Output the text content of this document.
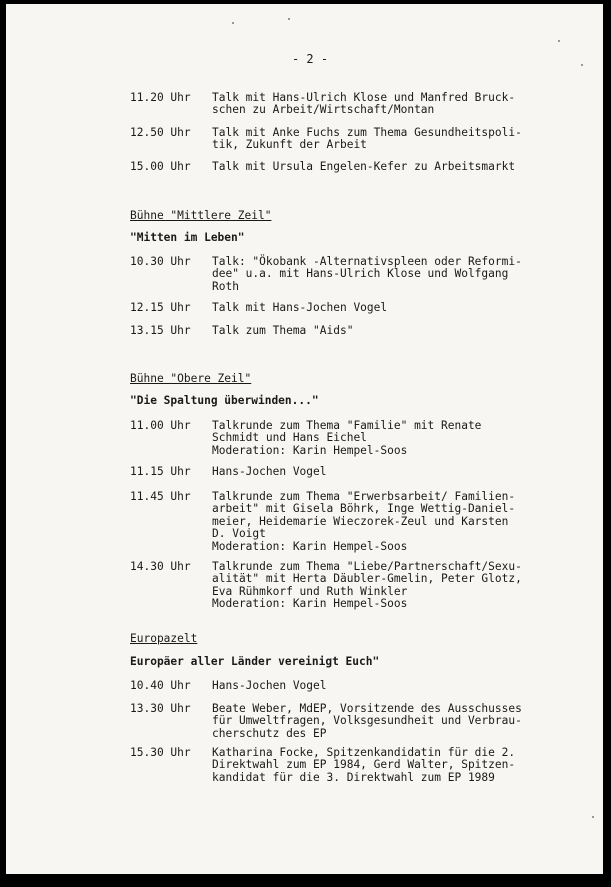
- 2 -
11.20 Uhr	Talk mit Hans-Ulrich Klose und Manfred Bruck-
schen zu Arbeit/Wirtschaft/Montan
12.50 Uhr	Talk mit Anke Fuchs zum Thema Gesundheitspoli-
tik, Zukunft der Arbeit
15.00 Uhr	Talk mit Ursula Engelen-Kefer zu Arbeitsmarkt
Bühne "Mittlere Zeil"
"Mitten im Leben"
10.30 Uhr	Talk: "Ökobank -Alternativspleen oder Reformi-
dee" u.a. mit Hans-Ulrich Klose und Wolfgang
Roth
12.15 Uhr	Talk mit Hans-Jochen Vogel
13.15 Uhr	Talk zum Thema "Aids"
Bühne "Obere Zeil"
"Die Spaltung überwinden..."
11.00 Uhr	Talkrunde zum Thema "Familie" mit Renate
Schmidt und Hans Eichel
Moderation: Karin Hempel-Soos
11.15 Uhr	Hans-Jochen Vogel
11.45 Uhr	Talkrunde zum Thema "Erwerbsarbeit/ Familien-
arbeit" mit Gisela Böhrk, Inge Wettig-Daniel-
meier, Heidemarie Wieczorek-Zeul und Karsten
D. Voigt
Moderation: Karin Hempel-Soos
14.30 Uhr	Talkrunde zum Thema "Liebe/Partnerschaft/Sexu-
alität" mit Herta Däubler-Gmelin, Peter Glotz,
Eva Rühmkorf und Ruth Winkler
Moderation: Karin Hempel-Soos
Europazelt
Europäer aller Länder vereinigt Euch"
10.40 Uhr	Hans-Jochen Vogel
13.30 Uhr	Beate Weber, MdEP, Vorsitzende des Ausschusses
für Umweltfragen, Volksgesundheit und Verbrau-
cherschutz des EP
15.30 Uhr	Katharina Focke, Spitzenkandidatin für die 2.
Direktwahl zum EP 1984, Gerd Walter, Spitzen-
kandidat für die 3. Direktwahl zum EP 1989
